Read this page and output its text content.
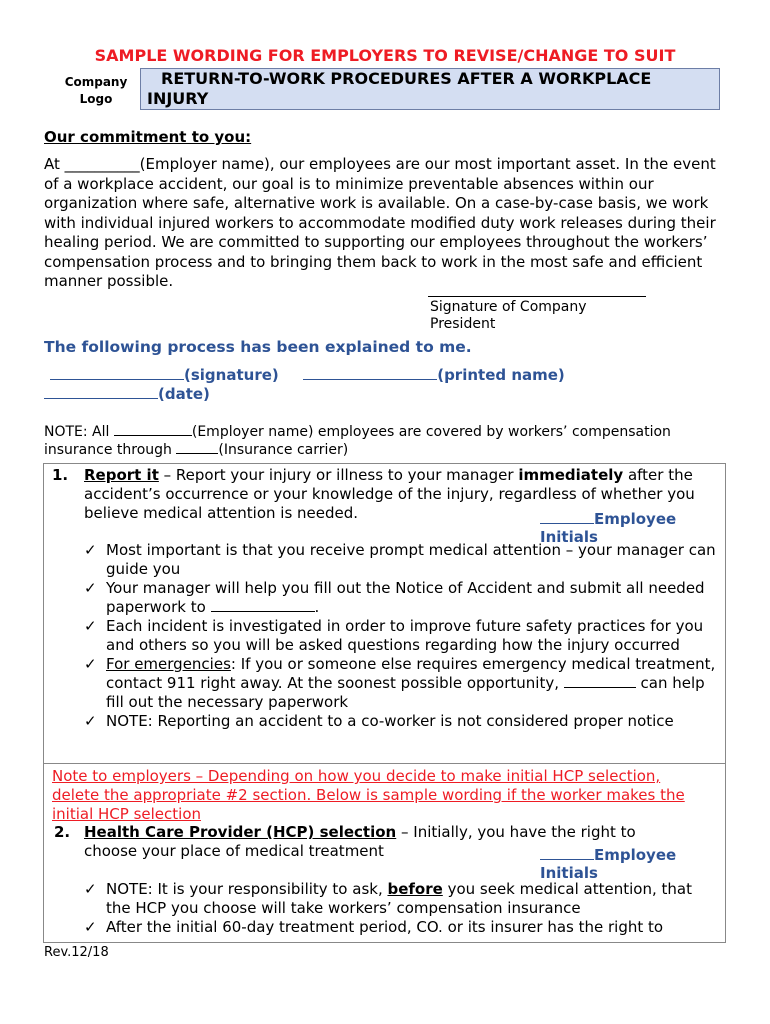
SAMPLE WORDING FOR EMPLOYERS TO REVISE/CHANGE TO SUIT
Company
Logo
RETURN-TO-WORK PROCEDURES AFTER A WORKPLACE
INJURY
Our commitment to you:
At __________(Employer name), our employees are our most important asset. In the event of a workplace accident, our goal is to minimize preventable absences within our organization where safe, alternative work is available. On a case-by-case basis, we work with individual injured workers to accommodate modified duty work releases during their healing period. We are committed to supporting our employees throughout the workers’ compensation process and to bringing them back to work in the most safe and efficient manner possible.
Signature of Company President
The following process has been explained to me.
(signature)	(printed name)
(date)
NOTE: All	(Employer name) employees are covered by workers’ compensation insurance through	(Insurance carrier)
1. Report it – Report your injury or illness to your manager immediately after the accident’s occurrence or your knowledge of the injury, regardless of whether you believe medical attention is needed.	Employee Initials
✓ Most important is that you receive prompt medical attention – your manager can guide you
✓ Your manager will help you fill out the Notice of Accident and submit all needed paperwork to	.
✓ Each incident is investigated in order to improve future safety practices for you and others so you will be asked questions regarding how the injury occurred
✓ For emergencies: If you or someone else requires emergency medical treatment, contact 911 right away. At the soonest possible opportunity,	can help fill out the necessary paperwork
✓ NOTE: Reporting an accident to a co-worker is not considered proper notice
2. Health Care Provider (HCP) selection – Initially, you have the right to choose your place of medical treatment	Employee Initials
✓ NOTE: It is your responsibility to ask, before you seek medical attention, that the HCP you choose will take workers’ compensation insurance
✓ After the initial 60-day treatment period, CO. or its insurer has the right to
Note to employers – Depending on how you decide to make initial HCP selection, delete the appropriate #2 section. Below is sample wording if the worker makes the initial HCP selection
Rev.12/18
